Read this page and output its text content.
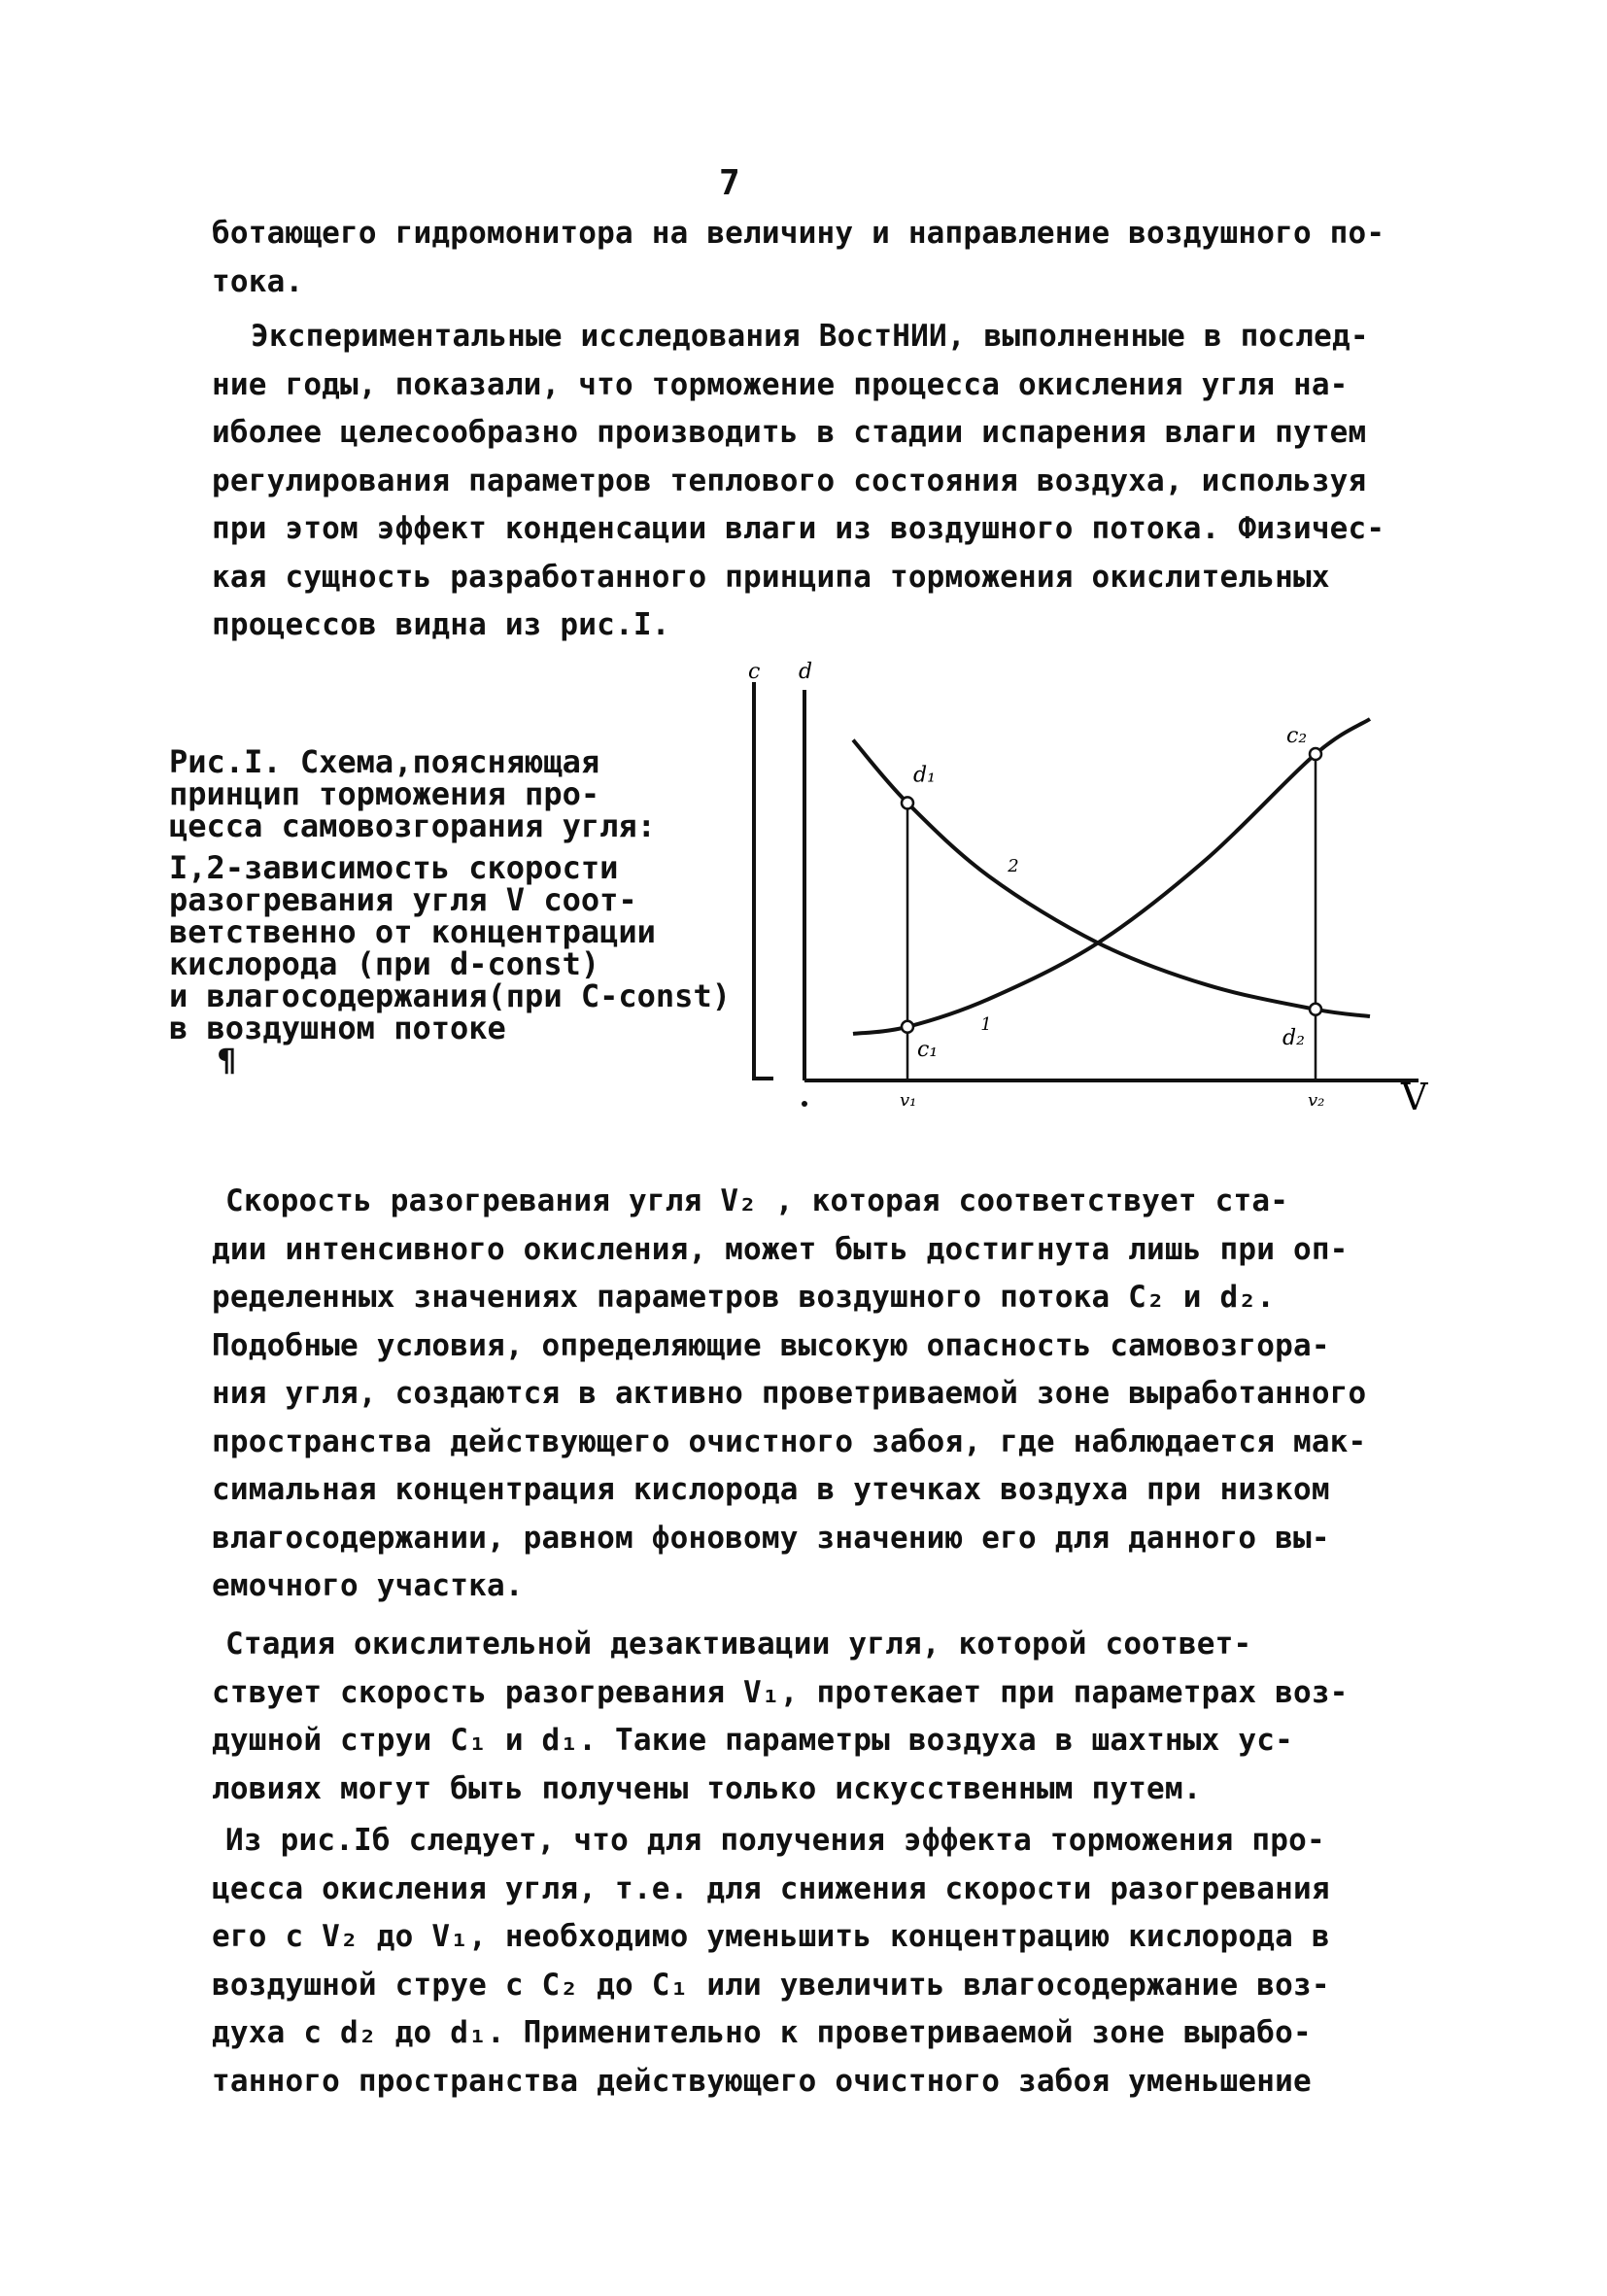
7

ботающего гидромонитора на величину и направление воздушного по-

тока.

Экспериментальные исследования ВостНИИ, выполненные в послед-

ние годы, показали, что торможение процесса окисления угля на-

иболее целесообразно производить в стадии испарения влаги путем

регулирования параметров теплового состояния воздуха, используя

при этом эффект конденсации влаги из воздушного потока. Физичес-

кая сущность разработанного принципа торможения окислительных

процессов видна из рис.I.

Рис.I. Схема,поясняющая

принцип торможения про-

цесса самовозгорания угля:

I,2-зависимость скорости

разогревания угля V соот-

ветственно от концентрации

кислорода (при d-const)

и влагосодержания(при C-const)

в воздушном потоке

¶

c d
V
d₁
c₂
c₁	d₂
2
1
v₁	v₂

Скорость разогревания угля V₂ , которая соответствует ста-

дии интенсивного окисления, может быть достигнута лишь при оп-

ределенных значениях параметров воздушного потока C₂ и d₂.

Подобные условия, определяющие высокую опасность самовозгора-

ния угля, создаются в активно проветриваемой зоне выработанного

пространства действующего очистного забоя, где наблюдается мак-

симальная концентрация кислорода в утечках воздуха при низком

влагосодержании, равном фоновому значению его для данного вы-

емочного участка.

Стадия окислительной дезактивации угля, которой соответ-

ствует скорость разогревания V₁, протекает при параметрах воз-

душной струи C₁ и d₁. Такие параметры воздуха в шахтных ус-

ловиях могут быть получены только искусственным путем.

Из рис.Iб следует, что для получения эффекта торможения про-

цесса окисления угля, т.е. для снижения скорости разогревания

его с V₂ до V₁, необходимо уменьшить концентрацию кислорода в

воздушной струе с C₂ до C₁ или увеличить влагосодержание воз-

духа с d₂ до d₁. Применительно к проветриваемой зоне вырабо-

танного пространства действующего очистного забоя уменьшение
